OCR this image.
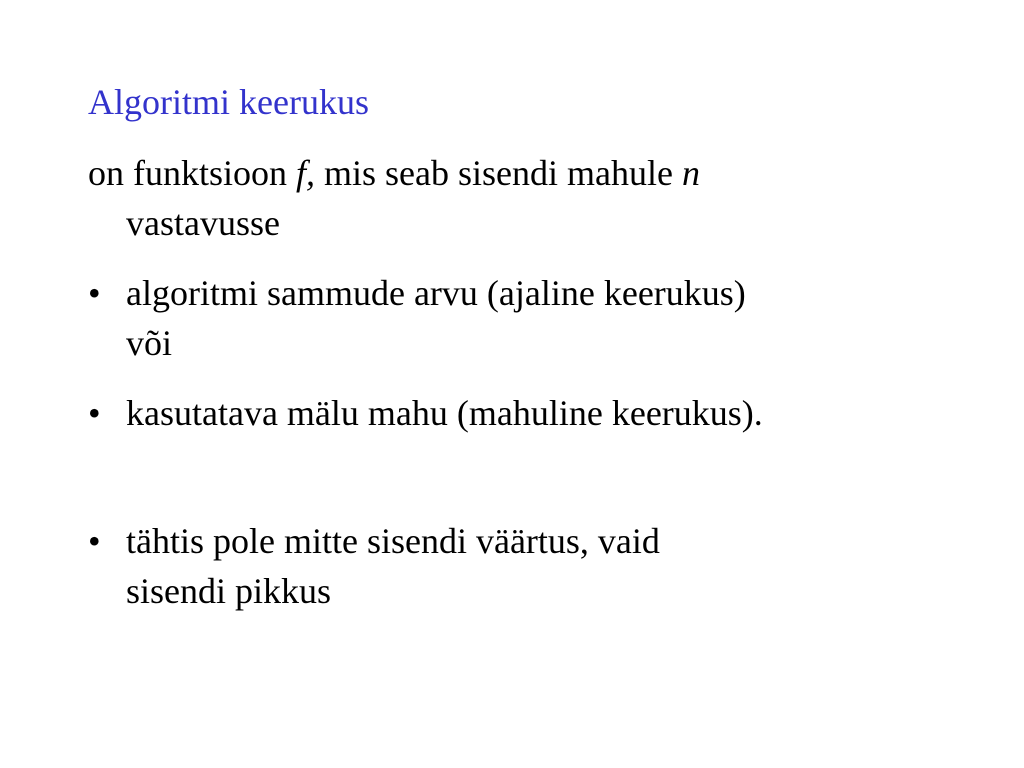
Algoritmi keerukus
on funktsioon f, mis seab sisendi mahule n
vastavusse
• algoritmi sammude arvu (ajaline keerukus)
või
• kasutatava mälu mahu (mahuline keerukus).
• tähtis pole mitte sisendi väärtus, vaid
sisendi pikkus
